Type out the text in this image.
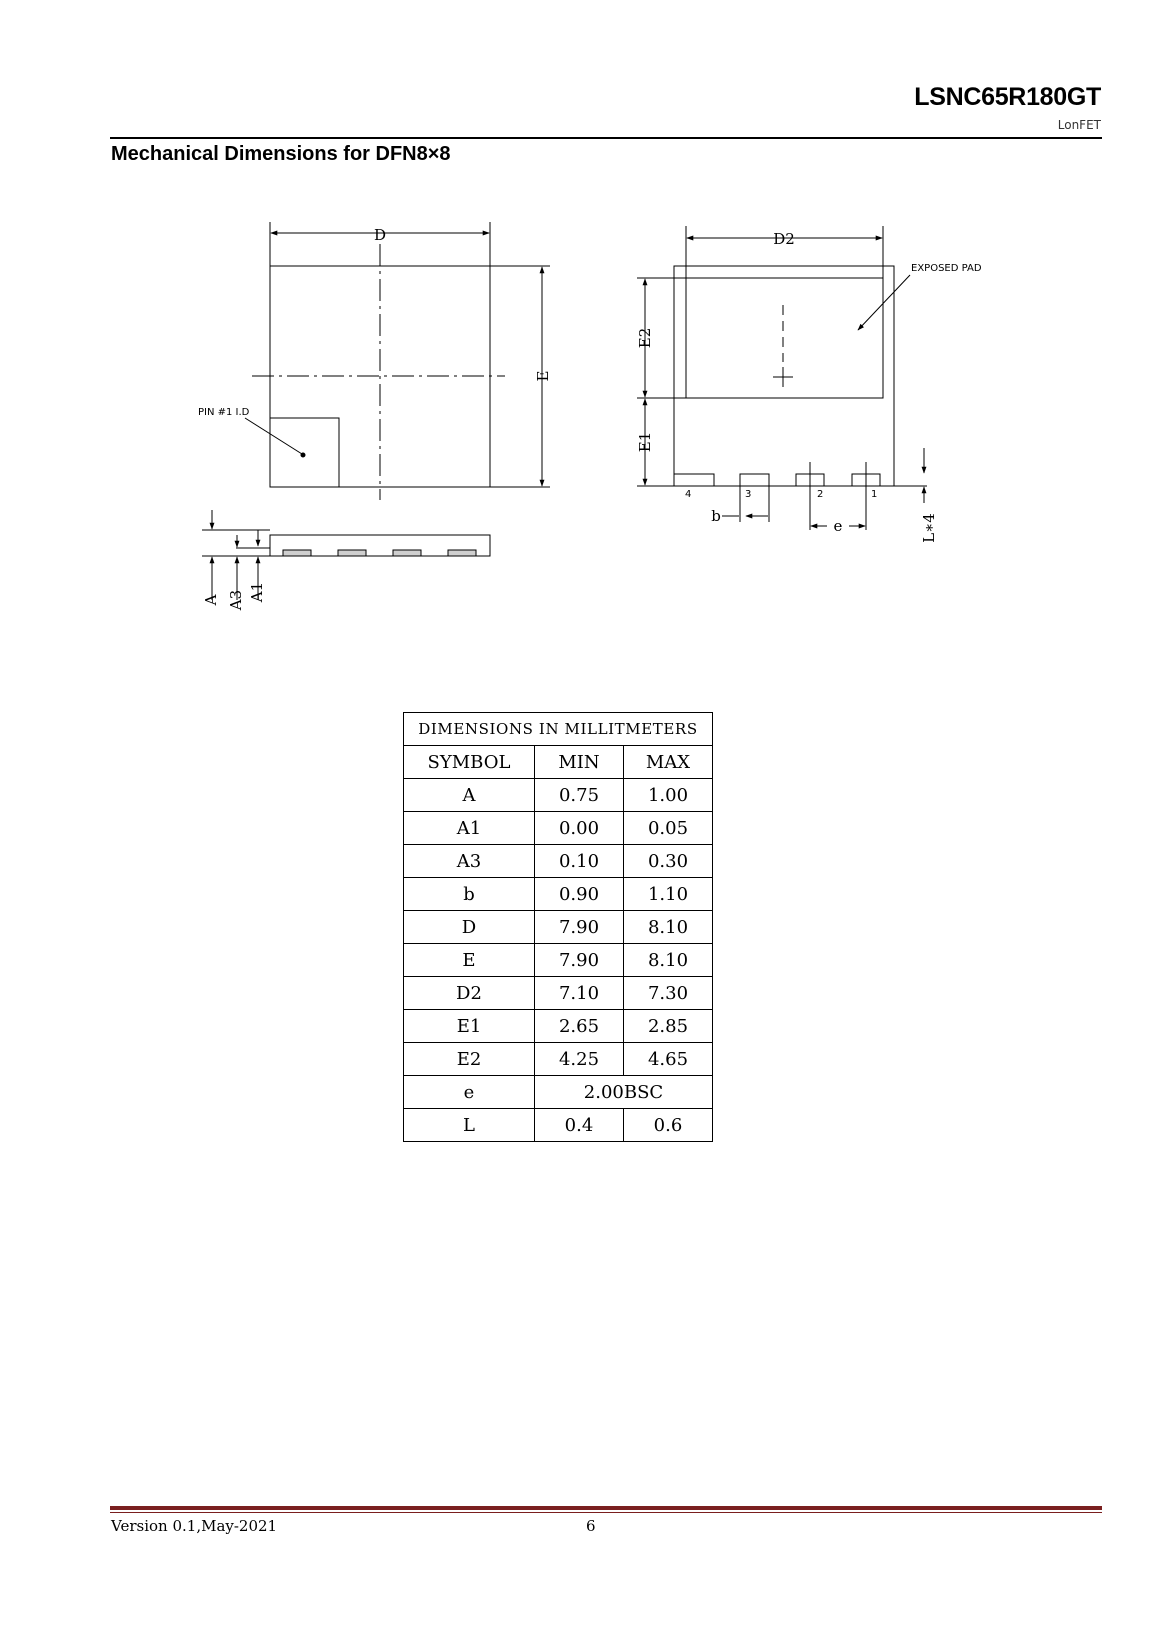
LSNC65R180GT
LonFET
Mechanical Dimensions for DFN8×8
D
E
PIN #1 I.D
A A3 A1
D2
E2
E1
EXPOSED PAD
4	3	2	1
b
e	L∗4
DIMENSIONS IN MILLITMETERS		
SYMBOL	MIN	MAX
A	0.75	1.00
A1	0.00	0.05
A3	0.10	0.30
b	0.90	1.10
D	7.90	8.10
E	7.90	8.10
D2	7.10	7.30
E1	2.65	2.85
E2	4.25	4.65
e	2.00BSC	
L	0.4	0.6
Version 0.1,May-2021	6
